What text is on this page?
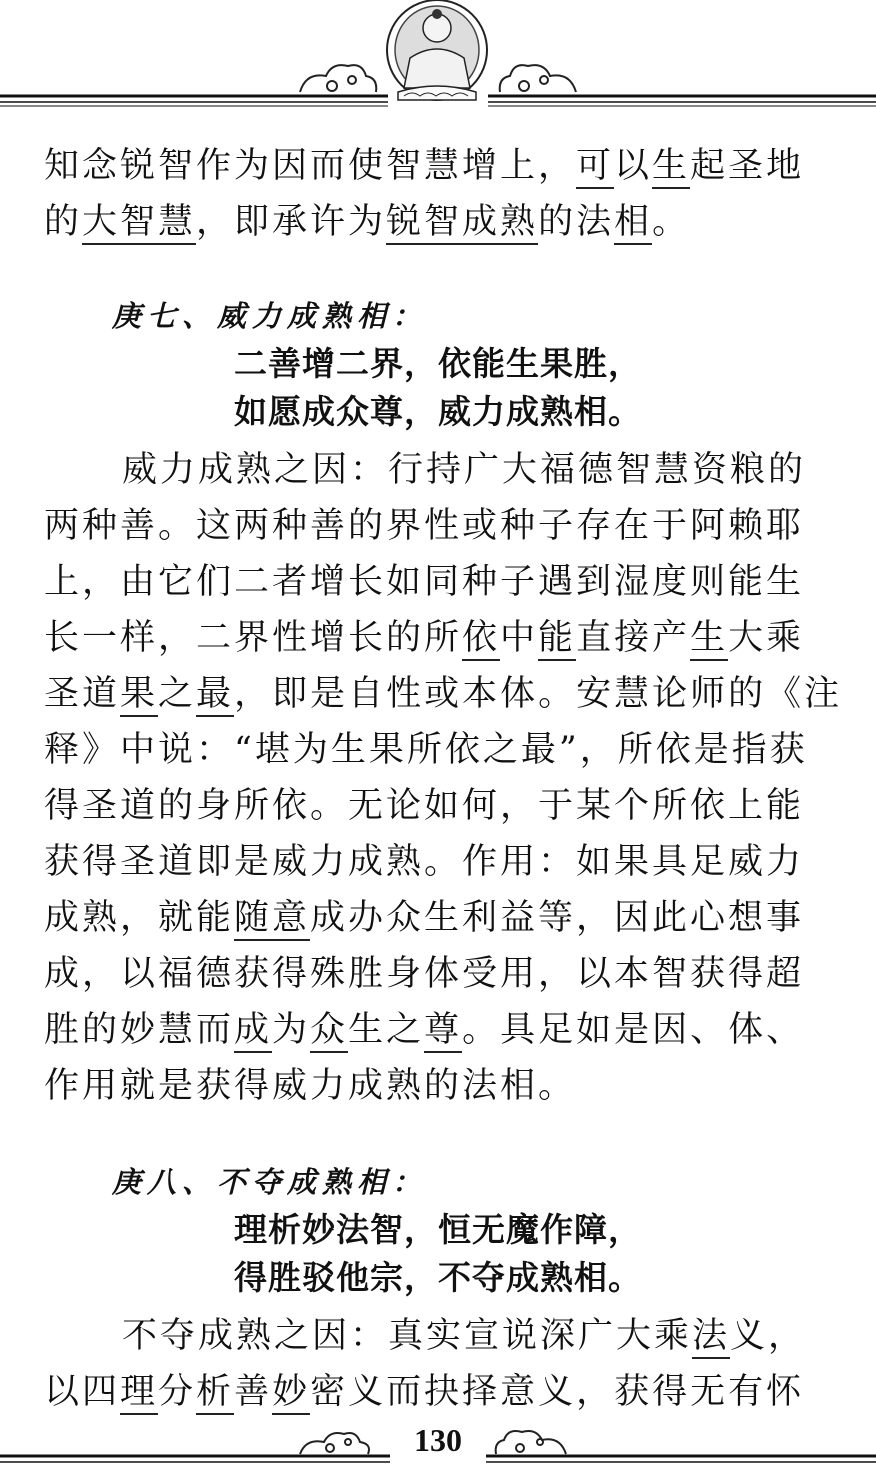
知念锐智作为因而使智慧增上，可以生起圣地
的大智慧，即承许为锐智成熟的法相。
庚七、威力成熟相：
二善增二界，依能生果胜，
如愿成众尊，威力成熟相。
威力成熟之因：行持广大福德智慧资粮的
两种善。这两种善的界性或种子存在于阿赖耶
上，由它们二者增长如同种子遇到湿度则能生
长一样，二界性增长的所依中能直接产生大乘
圣道果之最，即是自性或本体。安慧论师的《注
释》中说：“堪为生果所依之最”，所依是指获
得圣道的身所依。无论如何，于某个所依上能
获得圣道即是威力成熟。作用：如果具足威力
成熟，就能随意成办众生利益等，因此心想事
成，以福德获得殊胜身体受用，以本智获得超
胜的妙慧而成为众生之尊。具足如是因、体、
作用就是获得威力成熟的法相。
庚八、不夺成熟相：
理析妙法智，恒无魔作障，
得胜驳他宗，不夺成熟相。
不夺成熟之因：真实宣说深广大乘法义，
以四理分析善妙密义而抉择意义，获得无有怀
130
